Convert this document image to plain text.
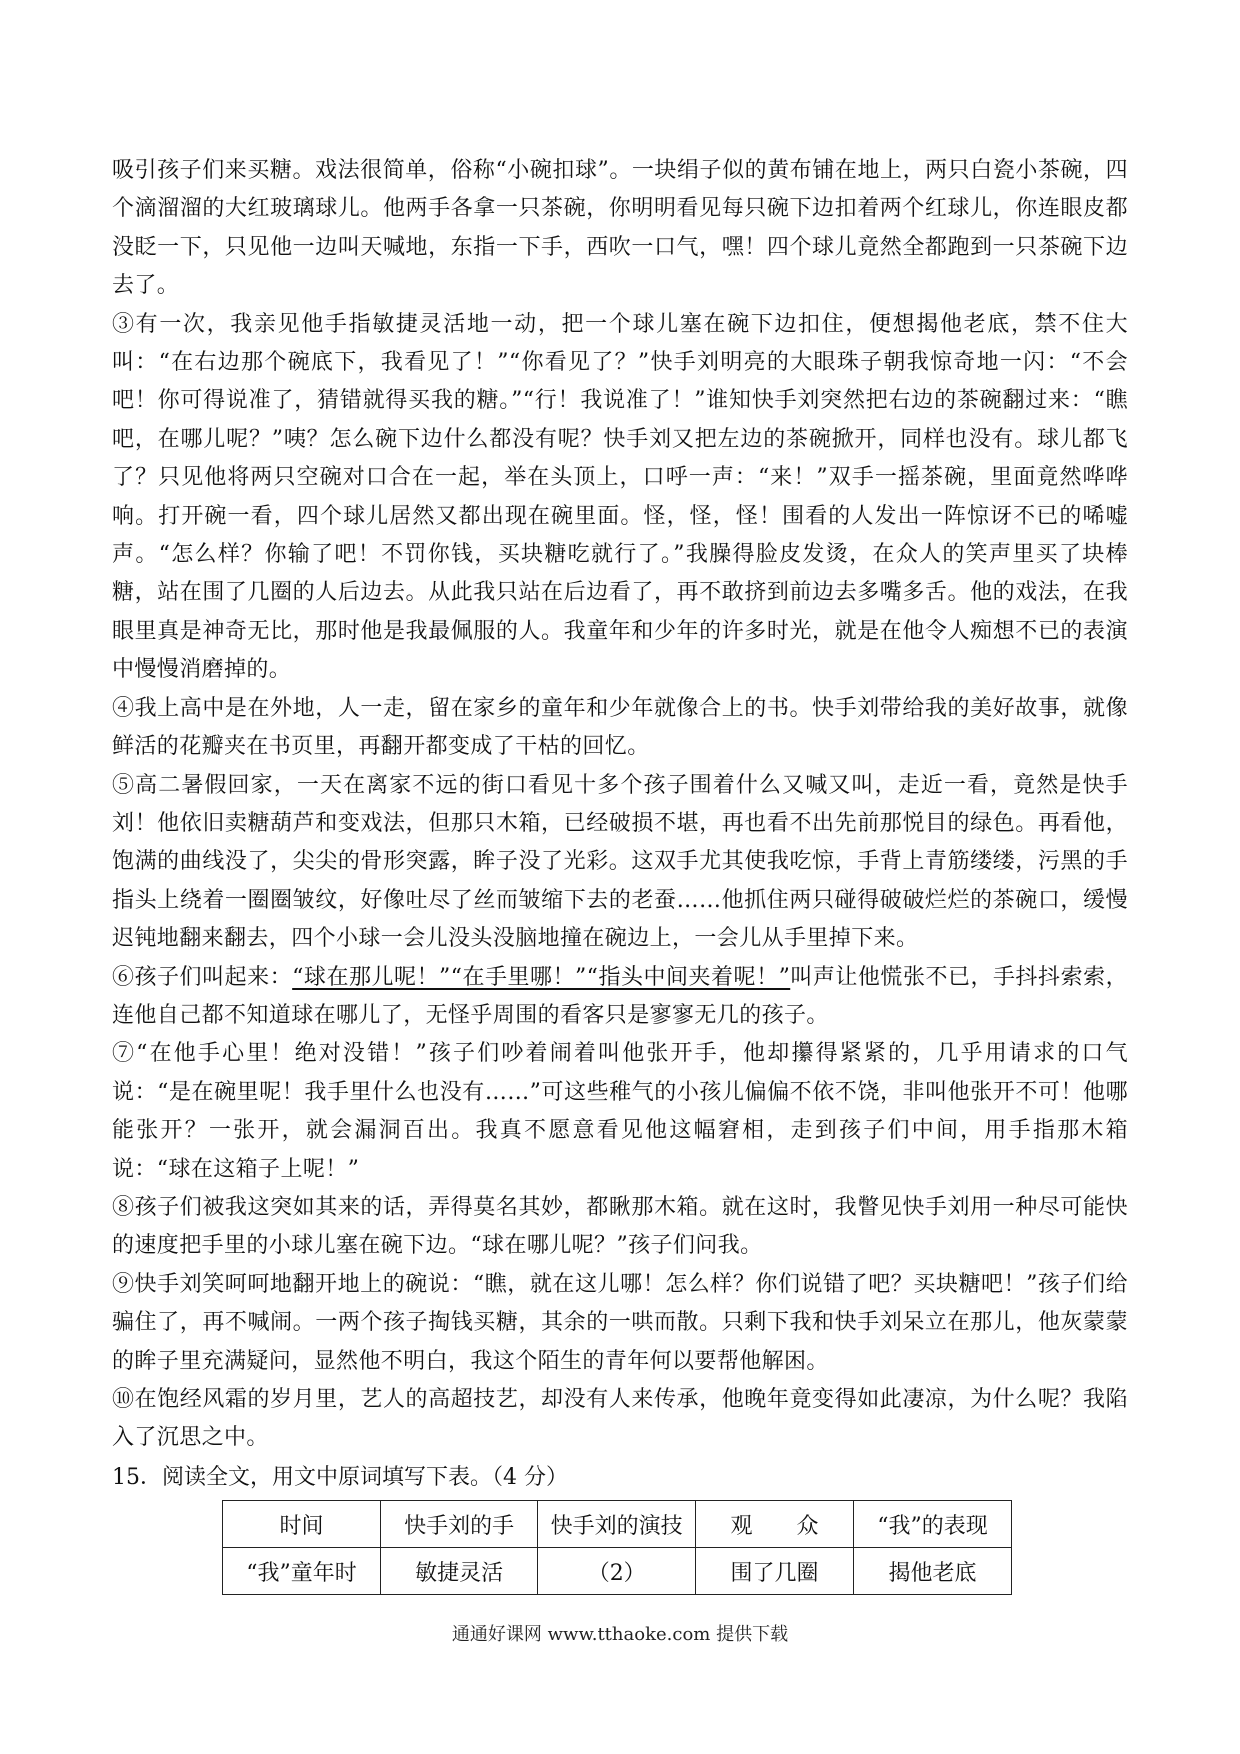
吸引孩子们来买糖。戏法很简单，俗称“小碗扣球”。一块绢子似的黄布铺在地上，两只白瓷小茶碗，四个滴溜溜的大红玻璃球儿。他两手各拿一只茶碗，你明明看见每只碗下边扣着两个红球儿，你连眼皮都没眨一下，只见他一边叫天喊地，东指一下手，西吹一口气，嘿！四个球儿竟然全都跑到一只茶碗下边去了。

③有一次，我亲见他手指敏捷灵活地一动，把一个球儿塞在碗下边扣住，便想揭他老底，禁不住大叫：“在右边那个碗底下，我看见了！”“你看见了？”快手刘明亮的大眼珠子朝我惊奇地一闪：“不会吧！你可得说准了，猜错就得买我的糖。”“行！我说准了！”谁知快手刘突然把右边的茶碗翻过来：“瞧吧，在哪儿呢？”咦？怎么碗下边什么都没有呢？快手刘又把左边的茶碗掀开，同样也没有。球儿都飞了？只见他将两只空碗对口合在一起，举在头顶上，口呼一声：“来！”双手一摇茶碗，里面竟然哗哗响。打开碗一看，四个球儿居然又都出现在碗里面。怪，怪，怪！围看的人发出一阵惊讶不已的唏嘘声。“怎么样？你输了吧！不罚你钱，买块糖吃就行了。”我臊得脸皮发烫，在众人的笑声里买了块棒糖，站在围了几圈的人后边去。从此我只站在后边看了，再不敢挤到前边去多嘴多舌。他的戏法，在我眼里真是神奇无比，那时他是我最佩服的人。我童年和少年的许多时光，就是在他令人痴想不已的表演中慢慢消磨掉的。

④我上高中是在外地，人一走，留在家乡的童年和少年就像合上的书。快手刘带给我的美好故事，就像鲜活的花瓣夹在书页里，再翻开都变成了干枯的回忆。

⑤高二暑假回家，一天在离家不远的街口看见十多个孩子围着什么又喊又叫，走近一看，竟然是快手刘！他依旧卖糖葫芦和变戏法，但那只木箱，已经破损不堪，再也看不出先前那悦目的绿色。再看他，饱满的曲线没了，尖尖的骨形突露，眸子没了光彩。这双手尤其使我吃惊，手背上青筋缕缕，污黑的手指头上绕着一圈圈皱纹，好像吐尽了丝而皱缩下去的老蚕……他抓住两只碰得破破烂烂的茶碗口，缓慢迟钝地翻来翻去，四个小球一会儿没头没脑地撞在碗边上，一会儿从手里掉下来。

⑥孩子们叫起来：“球在那儿呢！”“在手里哪！”“指头中间夹着呢！”叫声让他慌张不已，手抖抖索索，连他自己都不知道球在哪儿了，无怪乎周围的看客只是寥寥无几的孩子。

⑦“在他手心里！绝对没错！”孩子们吵着闹着叫他张开手，他却攥得紧紧的，几乎用请求的口气说：“是在碗里呢！我手里什么也没有……”可这些稚气的小孩儿偏偏不依不饶，非叫他张开不可！他哪能张开？一张开，就会漏洞百出。我真不愿意看见他这幅窘相，走到孩子们中间，用手指那木箱说：“球在这箱子上呢！”

⑧孩子们被我这突如其来的话，弄得莫名其妙，都瞅那木箱。就在这时，我瞥见快手刘用一种尽可能快的速度把手里的小球儿塞在碗下边。“球在哪儿呢？”孩子们问我。

⑨快手刘笑呵呵地翻开地上的碗说：“瞧，就在这儿哪！怎么样？你们说错了吧？买块糖吧！”孩子们给骗住了，再不喊闹。一两个孩子掏钱买糖，其余的一哄而散。只剩下我和快手刘呆立在那儿，他灰蒙蒙的眸子里充满疑问，显然他不明白，我这个陌生的青年何以要帮他解困。

⑩在饱经风霜的岁月里，艺人的高超技艺，却没有人来传承，他晚年竟变得如此凄凉，为什么呢？我陷入了沉思之中。

15．阅读全文，用文中原词填写下表。（4 分）
时间	快手刘的手	快手刘的演技	观　　众	“我”的表现
“我”童年时	敏捷灵活	（2）	围了几圈	揭他老底
通通好课网 www.tthaoke.com 提供下载
